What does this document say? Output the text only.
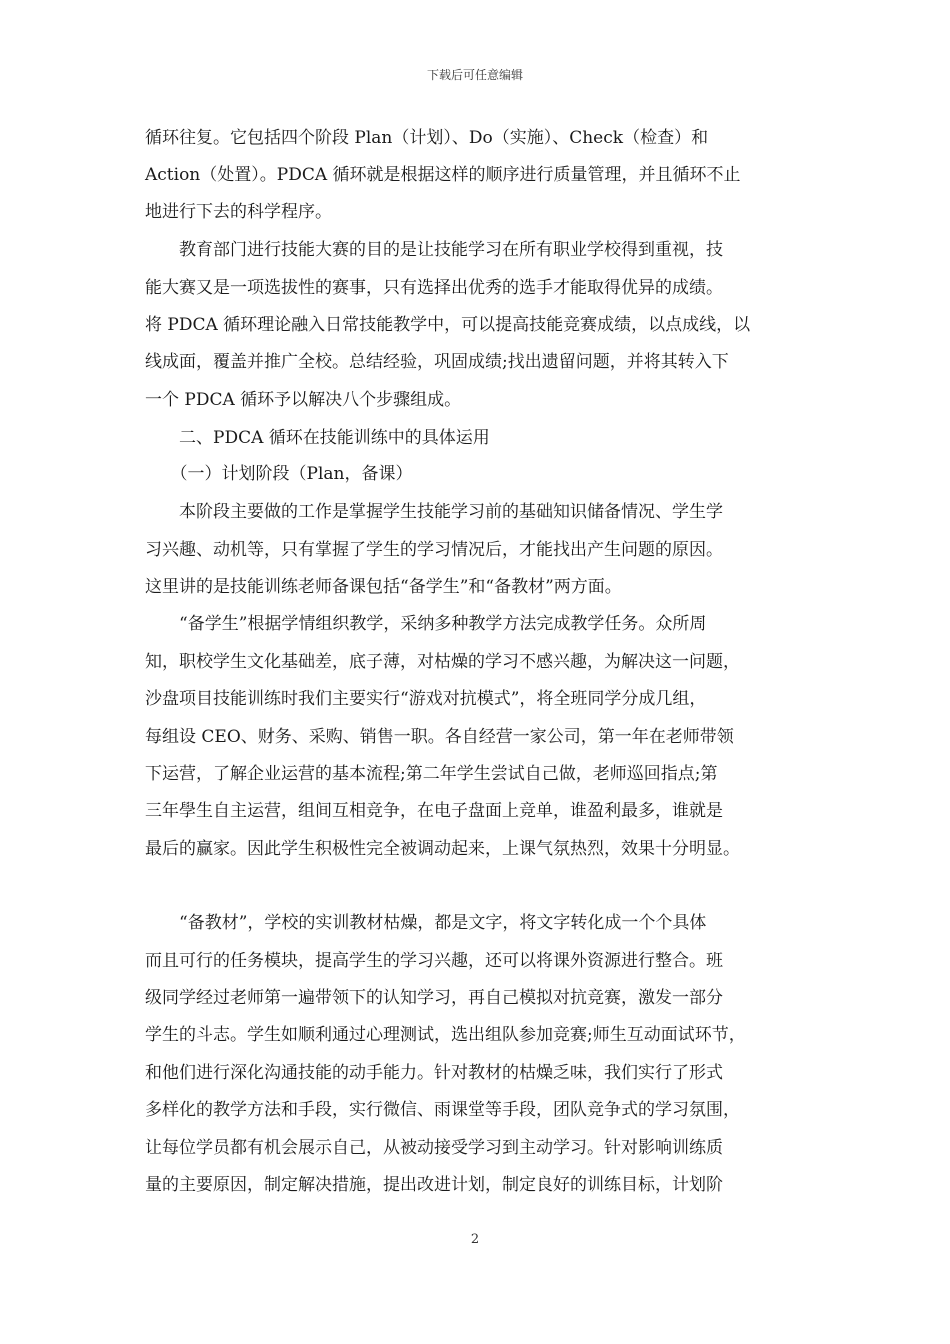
下载后可任意编辑
循环往复。它包括四个阶段 Plan（计划）、Do（实施）、Check（检查）和
Action（处置）。PDCA 循环就是根据这样的顺序进行质量管理，并且循环不止
地进行下去的科学程序。
　　教育部门进行技能大赛的目的是让技能学习在所有职业学校得到重视，技
能大赛又是一项选拔性的赛事，只有选择出优秀的选手才能取得优异的成绩。
将 PDCA 循环理论融入日常技能教学中，可以提高技能竞赛成绩，以点成线，以
线成面，覆盖并推广全校。总结经验，巩固成绩;找出遗留问题，并将其转入下
一个 PDCA 循环予以解决八个步骤组成。
　　二、PDCA 循环在技能训练中的具体运用
　　（一）计划阶段（Plan，备课）
　　本阶段主要做的工作是掌握学生技能学习前的基础知识储备情况、学生学
习兴趣、动机等，只有掌握了学生的学习情况后，才能找出产生问题的原因。
这里讲的是技能训练老师备课包括“备学生”和“备教材”两方面。
　　“备学生”根据学情组织教学，采纳多种教学方法完成教学任务。众所周
知，职校学生文化基础差，底子薄，对枯燥的学习不感兴趣，为解决这一问题，
沙盘项目技能训练时我们主要实行“游戏对抗模式”，将全班同学分成几组，
每组设 CEO、财务、采购、销售一职。各自经营一家公司，第一年在老师带领
下运营，了解企业运营的基本流程;第二年学生尝试自己做，老师巡回指点;第
三年學生自主运营，组间互相竞争，在电子盘面上竞单，谁盈利最多，谁就是
最后的赢家。因此学生积极性完全被调动起来，上课气氛热烈，效果十分明显。
　　“备教材”，学校的实训教材枯燥，都是文字，将文字转化成一个个具体
而且可行的任务模块，提高学生的学习兴趣，还可以将课外资源进行整合。班
级同学经过老师第一遍带领下的认知学习，再自己模拟对抗竞赛，激发一部分
学生的斗志。学生如顺利通过心理测试，选出组队参加竞赛;师生互动面试环节，
和他们进行深化沟通技能的动手能力。针对教材的枯燥乏味，我们实行了形式
多样化的教学方法和手段，实行微信、雨课堂等手段，团队竞争式的学习氛围，
让每位学员都有机会展示自己，从被动接受学习到主动学习。针对影响训练质
量的主要原因，制定解决措施，提出改进计划，制定良好的训练目标，计划阶
2
